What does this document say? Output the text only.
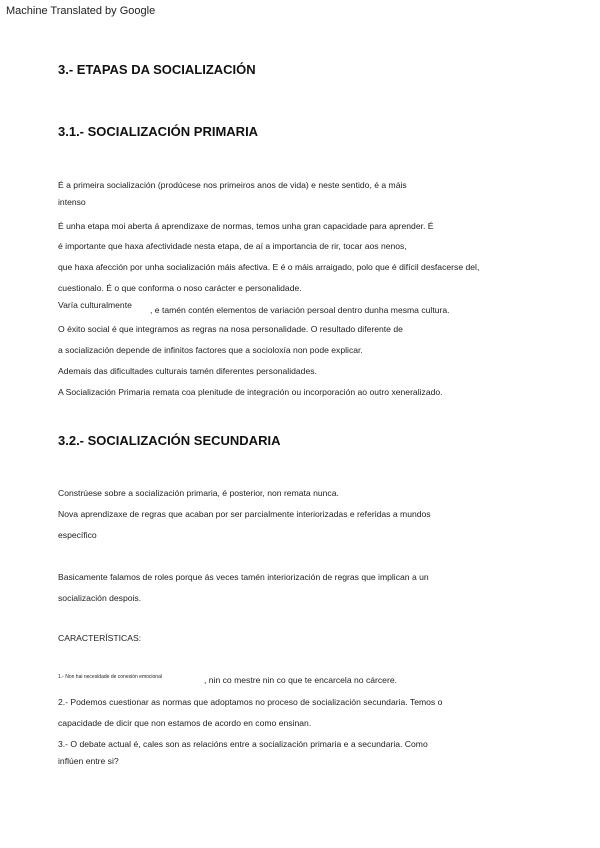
Machine Translated by Google
3.- ETAPAS DA SOCIALIZACIÓN
3.1.- SOCIALIZACIÓN PRIMARIA

É a primeira socialización (prodúcese nos primeiros anos de vida) e neste sentido, é a máis

intenso

É unha etapa moi aberta á aprendizaxe de normas, temos unha gran capacidade para aprender. É

é importante que haxa afectividade nesta etapa, de aí a importancia de rir, tocar aos nenos,

que haxa afección por unha socialización máis afectiva. E é o máis arraigado, polo que é difícil desfacerse del,

cuestionalo. É o que conforma o noso carácter e personalidade.

Varía culturalmente , e tamén contén elementos de variación persoal dentro dunha mesma cultura.

O éxito social é que integramos as regras na nosa personalidade. O resultado diferente de

a socialización depende de infinitos factores que a socioloxía non pode explicar.

Ademais das dificultades culturais tamén diferentes personalidades.

A Socialización Primaria remata coa plenitude de integración ou incorporación ao outro xeneralizado.

3.2.- SOCIALIZACIÓN SECUNDARIA

Constrúese sobre a socialización primaria, é posterior, non remata nunca.

Nova aprendizaxe de regras que acaban por ser parcialmente interiorizadas e referidas a mundos

específico

Basicamente falamos de roles porque ás veces tamén interiorización de regras que implican a un

socialización despois.

CARACTERÍSTICAS:

1.- Non hai necesidade de conexión emocional	, nin co mestre nin co que te encarcela no cárcere.

2.- Podemos cuestionar as normas que adoptamos no proceso de socialización secundaria. Temos o

capacidade de dicir que non estamos de acordo en como ensinan.

3.- O debate actual é, cales son as relacións entre a socialización primaria e a secundaria. Como

inflúen entre si?
